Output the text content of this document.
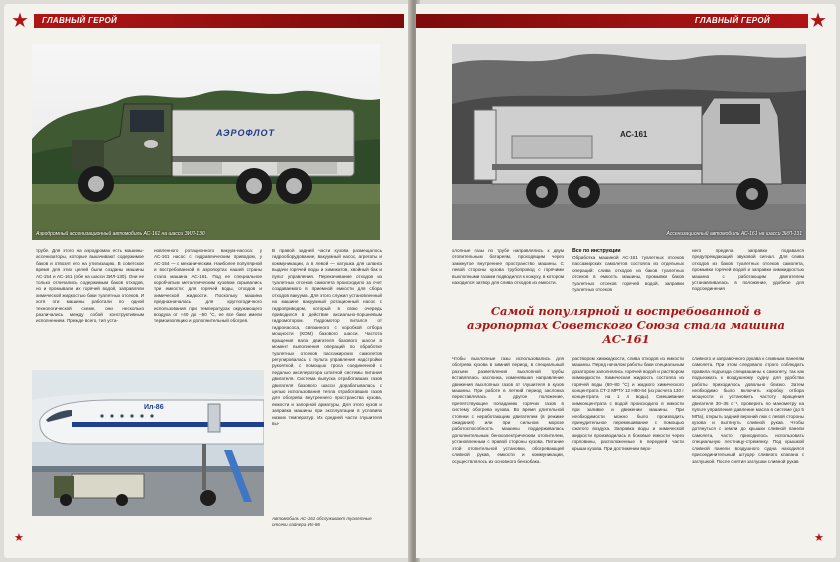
ГЛАВНЫЙ ГЕРОЙ
★
АЭРОФЛОТ
Аэродромный ассенизационный автомобиль АС-161 на шасси ЗИЛ-130

трубе. Для этого на аэродромах есть машины-ассенизаторы, которые выкачивают содержимое баков и отвозят его на утилизацию. В советское время для этих целей были созданы машины АС-154 и АС-161 (обе на шасси ЗИЛ-130). Они не только отличались содержимым баков отходов, но и промывали их горячей водой, заправляли химической жидкостью баки туалетных отсеков. И хотя эти машины работали по одной технологической схеме, они несколько различались между собой конструктивным исполнением. Прежде всего, тип уста-

новленного ротационного вакуум-насоса: у АС-161 насос с гидравлическим приводом, у АС-154 — с механическим. Наиболее популярной и востребованной в аэропортах нашей страны стала машина АС-161. Под ее специальное коробчатым металлическим кузовом скрывались три емкости: для горячей воды, отходов и химической жидкости. Поскольку машина предназначалась для круглогодичного использования при температурах окружающего воздуха от +40 до −50 °С, ее все баки имели термоизоляцию и дополнительный обогрев.

В правой задней части кузова размещалось гидрооборудование, вакуумный насос, агрегаты и коммуникации, а в левой — катушка для шланга выдачи горячей воды и химикатов, хвойный бак и пульт управления. Перекачивание отходов из туалетных отсеков самолета происходило за счет создаваемого в приемной емкости для сбора отходов вакуума. Для этого служил установленный на машине вакуумный ротационный насос с гидроприводом, который в свою очередь приводился в действие аксиально-поршневым гидромотором. Гидромотор питался от гидронасоса, связанного с коробкой отбора мощности (КОМ) базового шасси. Частота вращения вала двигателя базового шасси в момент выполнения операций по обработке туалетных отсеков пассажирских самолетов регулировалась с пульта управления надстройки рукояткой, с помощью троса соединенной с педалью акселератора штатной системы питания двигателя. Система выпуска отработавших газов двигателя базового шасси дорабатывалась с целью использования тепла отработавших газов для обогрева внутреннего пространства кузова, емкости и запорной арматуры. Для этого кузов и заправка машины при эксплуатации в условиях низких температур. Из средней части глушителя вы-

Ил-86
Автомобиль АС-161 обслуживает туалетные отсеки лайнера Ил-86
★
ГЛАВНЫЙ ГЕРОЙ ★
АС-161
Ассенизационный автомобиль АС-161 на шасси ЗИЛ-131

хлопные газы по трубе направлялись к двум отопительным батареям, проходящим через замкнутое внутреннее пространство машины. С левой стороны кузова трубопровод с горячими выхлопными газами подводился к кожуху, в котором находился затвор для слива отходов из емкости.

Все по инструкции

Обработка машиной АС-161 туалетных отсеков пассажирских самолетов состояла из отдельных операций: слива отходов из баков туалетных отсеков в емкость машины, промывки баков туалетных отсеков горячей водой, заправки туалетных отсеков

него предела заправки подавался предупреждающий звуковой сигнал. Для слива отходов из баков туалетных отсеков самолета, промывки горячей водой и заправки химжидкостью машина с работающим двигателем устанавливалась в положение, удобное для подсоединения

Самой популярной и востребованной в аэропортах Советского Союза стала машина АС-161

Чтобы выхлопные газы использовались для обогрева кузова в зимний период, в специальный разъем разветвления выхлопной трубы вставлялась заслонка, изменявшая направление движения выхлопных газов от глушителя в кузов машины. При работе в летний период заслонка переставлялась в другое положение, препятствующее попаданию горячих газов в систему обогрева кузова. Во время длительной стоянки с неработающим двигателем (в режиме ожидания) или при сильном морозе работоспособность машины поддерживалась дополнительным бензоэлектрическим отопителем, установленным с правой стороны кузова. Питание этой отопительной установки, обогревающей сливной рукав, емкости и коммуникации, осуществлялось из основного бензобака.

раствором химжидкости, слива отходов из емкости машины. Перед началом работы баки специальным дозатором заполнялись горячей водой и раствором химжидкости. Химическая жидкость состояла из горячей воды (60–80 °С) и жидкого химического концентрата СТ-2 МРТУ 12 Н80-64 (из расчета 130 г концентрата на 1 л воды). Смешивание химконцентрата с водой происходило в емкости при заливке и движении машины. При необходимости можно было производить принудительное перемешивание с помощью сжатого воздуха. Заправка воды и химической жидкости производилась в боковые емкости через горловины, расположенные в передней части крыши кузова. При достижении верх-

сливного и заправочного рукава к сливным панелям самолета. При этом следовало строго соблюдать правила подъезда спецмашины к самолету, так как подъезжать к воздушному судну для удобства работы приходилось довольно близко. Затем необходимо было включить коробку отбора мощности и установить частоту вращения двигателя 30–35 с⁻¹, проверить по манометру на пульте управления давление масла в системе (до 5 МПа), открыть задний верхний люк с левой стороны кузова и вытянуть сливной рукав. Чтобы дотянуться с земли до крышки сливной панели самолета, часто приходилось использовать специальную лестницу-стремянку. Под крышкой сливной панели воздушного судна находился присоединительный штуцер сливного клапана с заглушкой. После снятия заглушки сливной рукав

★
